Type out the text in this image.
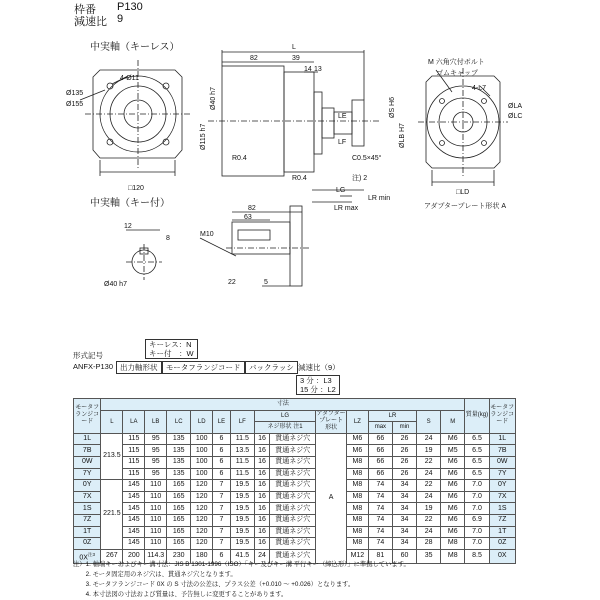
枠番 P130
減速比 9
中実軸（キーレス）
中実軸（キー付）
4-Ø11
Ø135
Ø155
□120
Ø115 h7
Ø40 h7
L
82	39
14 13
R0.4
R0.4
LE
LF
C0.5×45°
注) 2
LG
LR max
LR min
ØS H6
ØLB H7
M 六角穴付ボルト
ゴムキャップ
4-L7
ØLA
ØLC
□LD
アダプタープレート形状 A
12
8
Ø40 h7
82
63
M10
22	5
形式記号
ANFX-P130
キーレス：N
キー付　：W
出力軸形状	モータフランジコード	バックラッシ 減速比（9）
3 分 ：L3
15 分 ：L2
モータフランジコード	寸法															質量(kg)	モータフランジコード
	L	LA	LB	LC	LD	LE	LF	LG		アダプタープレート形状	LZ	LR		S	M		
								ネジ形状 注1				max	min				
1L	213.5	115	95	135	100	6	11.5	16	貫通ネジ穴	A	M6	66	26	24	M6	6.5	1L
7B		115	95	135	100	6	13.5	16	貫通ネジ穴		M6	66	26	19	M5	6.5	7B
0W		115	95	135	100	6	11.5	16	貫通ネジ穴		M8	66	26	22	M6	6.5	0W
7Y		115	95	135	100	6	11.5	16	貫通ネジ穴		M8	66	26	24	M6	6.5	7Y
0Y	221.5	145	110	165	120	7	19.5	16	貫通ネジ穴		M8	74	34	22	M6	7.0	0Y
7X		145	110	165	120	7	19.5	16	貫通ネジ穴		M8	74	34	24	M6	7.0	7X
1S		145	110	165	120	7	19.5	16	貫通ネジ穴		M8	74	34	19	M6	7.0	1S
7Z		145	110	165	120	7	19.5	16	貫通ネジ穴		M8	74	34	22	M6	6.9	7Z
1T		145	110	165	120	7	19.5	16	貫通ネジ穴		M8	74	34	24	M6	7.0	1T
0Z		145	110	165	120	7	19.5	16	貫通ネジ穴		M8	74	34	28	M8	7.0	0Z
$0X^{注3}$	267	200	114.3	230	180	6	41.5	24	貫通ネジ穴		M12	81	60	35	M8	8.5	0X
注）1. 軸端キーおよびキー溝寸法：JIS B 1301-1996（ISO）「キー及びキー溝 平行キー（締込形）」に準拠しています。
　　2. モータ固定用のネジ穴は、貫通ネジ穴となります。
　　3. モータフランジコード 0X の S 寸法の公差は、プラス公差（+0.010 〜 +0.026）となります。
　　4. 本寸法図の寸法および質量は、予告無しに変更することがあります。
